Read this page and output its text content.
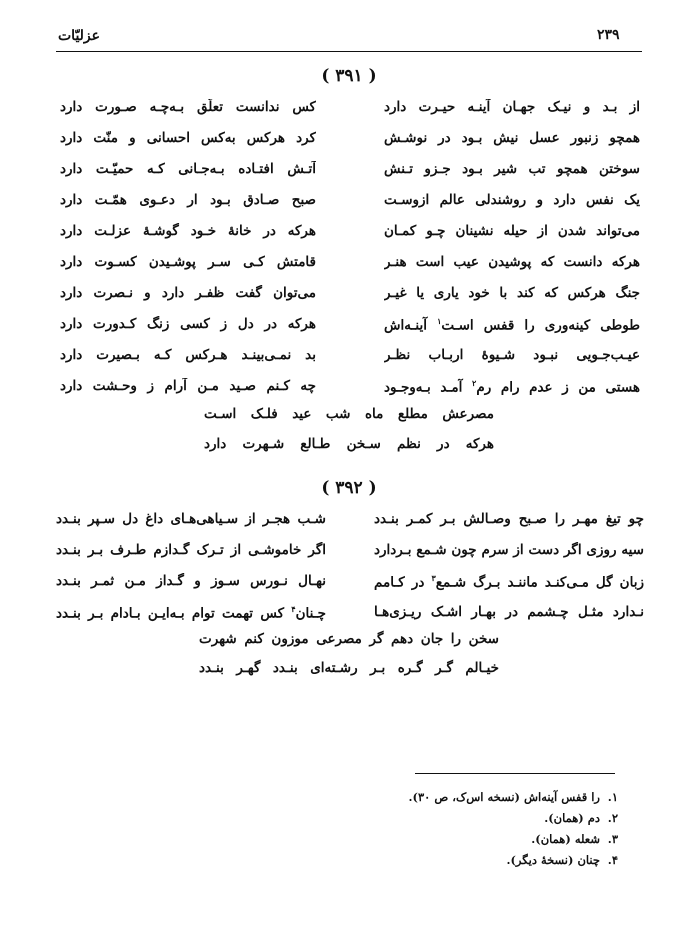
عزلیّات	۲۳۹
( ۳۹۱ )
از بـد و نیـک جهـان آینـه حیـرت دارد
کس ندانست تعلّق بـه‌چـه صـورت دارد
همچو زنبور عسل نیش بـود در نوشـش
کرد هرکس به‌کس احسانی و منّت دارد
سوختن همچو تب شیر بـود جـزو تـنش
آتـش افتـاده بـه‌جـانی کـه حمیّـت دارد
یک نفس دارد و روشندلی عالم ازوسـت
صبح صـادق بـود ار دعـوی همّـت دارد
می‌تواند شدن از حیله نشینان چـو کمـان
هرکه در خانهٔ خـود گوشـهٔ عزلـت دارد
هرکه دانست که پوشیدن عیب است هنـر
قامتش کـی سـر پوشـیدن کسـوت دارد
جنگ هرکس که کند با خود یاری یا غیـر
می‌توان گفت ظفـر دارد و نـصرت دارد
طوطی کینه‌وری را قفس اسـت$^۱$ آینـه‌اش
هرکه در دل ز کسی زنگ کـدورت دارد
عیـب‌جـویی نبـود شـیوهٔ اربـاب نظـر
بد نمـی‌بینـد هـرکس کـه بـصیرت دارد
هستی من ز عدم رام رم$^۲$ آمـد بـه‌وجـود
چه کـنم صـید مـن آرام ز وحـشت دارد
مصرعش مطلع ماه شب عید فلـک اسـت
هرکه در نظم سـخن طـالع شـهرت دارد
( ۳۹۲ )
چو تیغ مهـر را صـبح وصـالش بـر کمـر بنـدد
شـب هجـر از سـیاهی‌هـای داغ دل سـپر بنـدد
سیه روزی اگر دست از سرم چون شـمع بـردارد
اگر خاموشـی از تـرک گـدازم طـرف بـر بنـدد
زبان گل مـی‌کنـد ماننـد بـرگ شـمع$^۳$ در کـامم
نهـال نـورس سـوز و گـداز مـن ثمـر بنـدد
نـدارد مثـل چـشمم در بهـار اشـک ریـزی‌هـا
چـنان$^۴$ کس تهمت توام بـه‌ایـن بـادام بـر بنـدد
سخن را جان دهم گر مصرعی موزون کنم شهرت
خیـالم گـر گـره بـر رشـته‌ای بنـدد گهـر بنـدد
۱. را قفس آینه‌اش (نسخه اس‌ک، ص ۳۰).
۲. دم (همان).
۳. شعله (همان).
۴. چنان (نسخهٔ دیگر).
